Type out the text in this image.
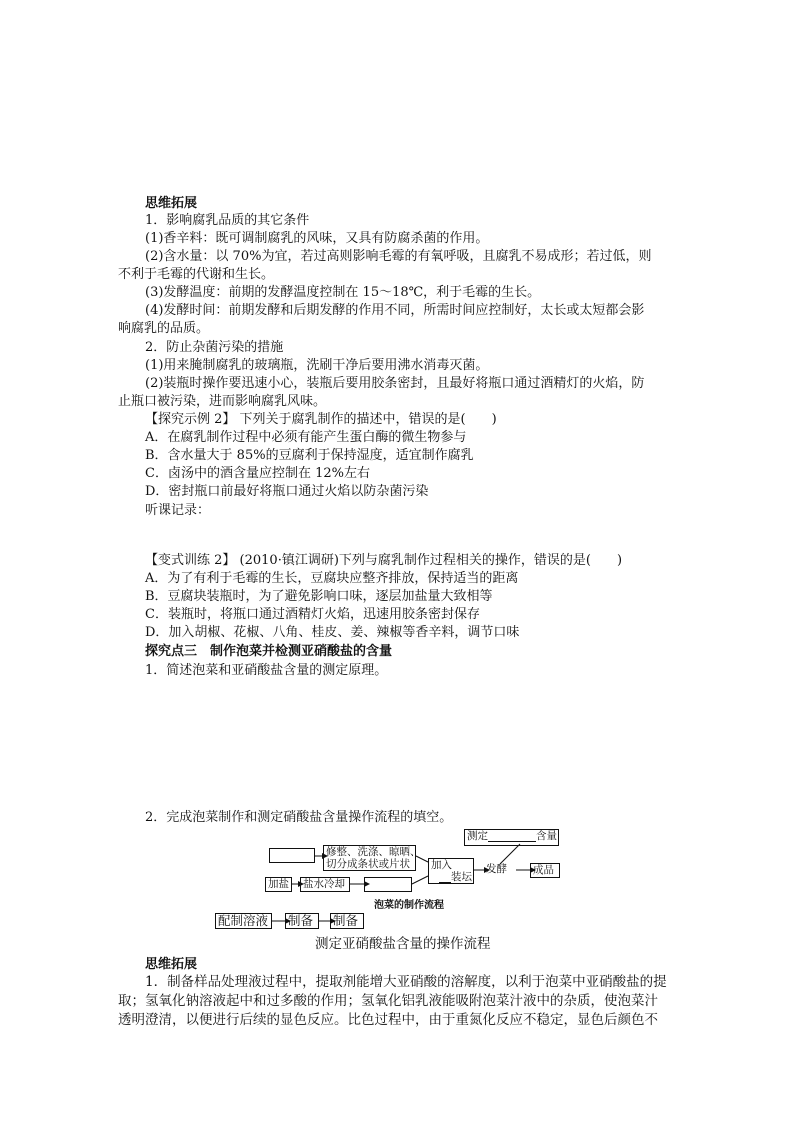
思维拓展
1．影响腐乳品质的其它条件
(1)香辛料：既可调制腐乳的风味，又具有防腐杀菌的作用。
(2)含水量：以 70%为宜，若过高则影响毛霉的有氧呼吸，且腐乳不易成形；若过低，则
不利于毛霉的代谢和生长。
(3)发酵温度：前期的发酵温度控制在 15～18℃，利于毛霉的生长。
(4)发酵时间：前期发酵和后期发酵的作用不同，所需时间应控制好，太长或太短都会影
响腐乳的品质。
2．防止杂菌污染的措施
(1)用来腌制腐乳的玻璃瓶，洗刷干净后要用沸水消毒灭菌。
(2)装瓶时操作要迅速小心，装瓶后要用胶条密封，且最好将瓶口通过酒精灯的火焰，防
止瓶口被污染，进而影响腐乳风味。
【探究示例 2】 下列关于腐乳制作的描述中，错误的是(　　)
A．在腐乳制作过程中必须有能产生蛋白酶的微生物参与
B．含水量大于 85%的豆腐利于保持湿度，适宜制作腐乳
C．卤汤中的酒含量应控制在 12%左右
D．密封瓶口前最好将瓶口通过火焰以防杂菌污染
听课记录：
【变式训练 2】 (2010·镇江调研)下列与腐乳制作过程相关的操作，错误的是(　　)
A．为了有利于毛霉的生长，豆腐块应整齐排放，保持适当的距离
B．豆腐块装瓶时，为了避免影响口味，逐层加盐量大致相等
C．装瓶时，将瓶口通过酒精灯火焰，迅速用胶条密封保存
D．加入胡椒、花椒、八角、桂皮、姜、辣椒等香辛料，调节口味
探究点三　制作泡菜并检测亚硝酸盐的含量
1．简述泡菜和亚硝酸盐含量的测定原理。
2．完成泡菜制作和测定硝酸盐含量操作流程的填空。
测定	含量
修整、洗涤、晾晒、
切分成条状或片状 加入
装坛
发酵	成品
加盐 盐水冷却
泡菜的制作流程
配制溶液	制备	制备
测定亚硝酸盐含量的操作流程
思维拓展
1．制备样品处理液过程中，提取剂能增大亚硝酸的溶解度，以利于泡菜中亚硝酸盐的提
取；氢氧化钠溶液起中和过多酸的作用；氢氧化铝乳液能吸附泡菜汁液中的杂质，使泡菜汁
透明澄清，以便进行后续的显色反应。比色过程中，由于重氮化反应不稳定，显色后颜色不
